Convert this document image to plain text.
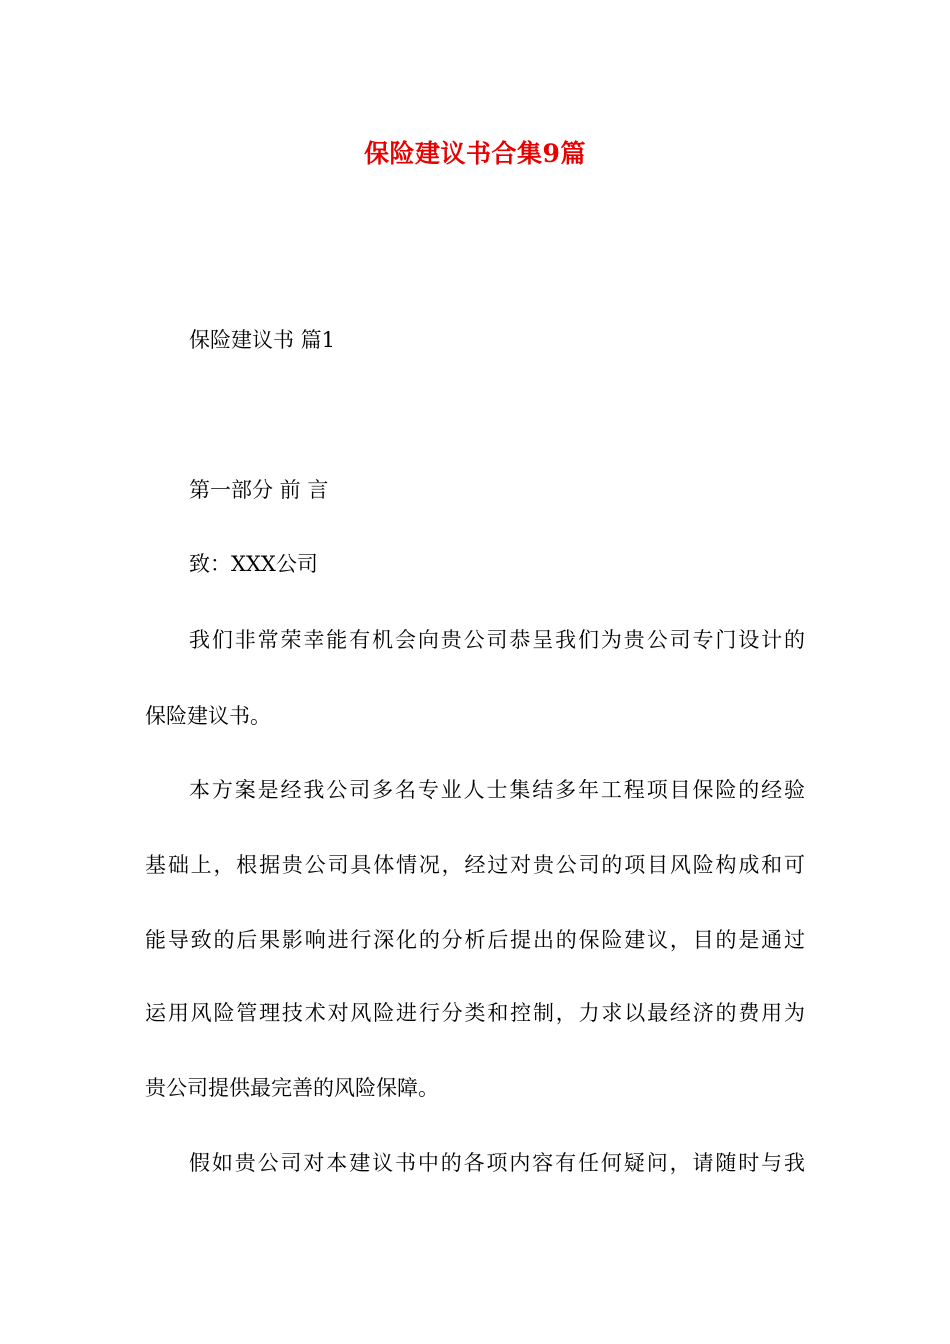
保险建议书合集9篇
保险建议书 篇1
第一部分 前 言
致：XXX公司
我们非常荣幸能有机会向贵公司恭呈我们为贵公司专门设计的
保险建议书。
本方案是经我公司多名专业人士集结多年工程项目保险的经验
基础上，根据贵公司具体情况，经过对贵公司的项目风险构成和可
能导致的后果影响进行深化的分析后提出的保险建议，目的是通过
运用风险管理技术对风险进行分类和控制，力求以最经济的费用为
贵公司提供最完善的风险保障。
假如贵公司对本建议书中的各项内容有任何疑问，请随时与我
